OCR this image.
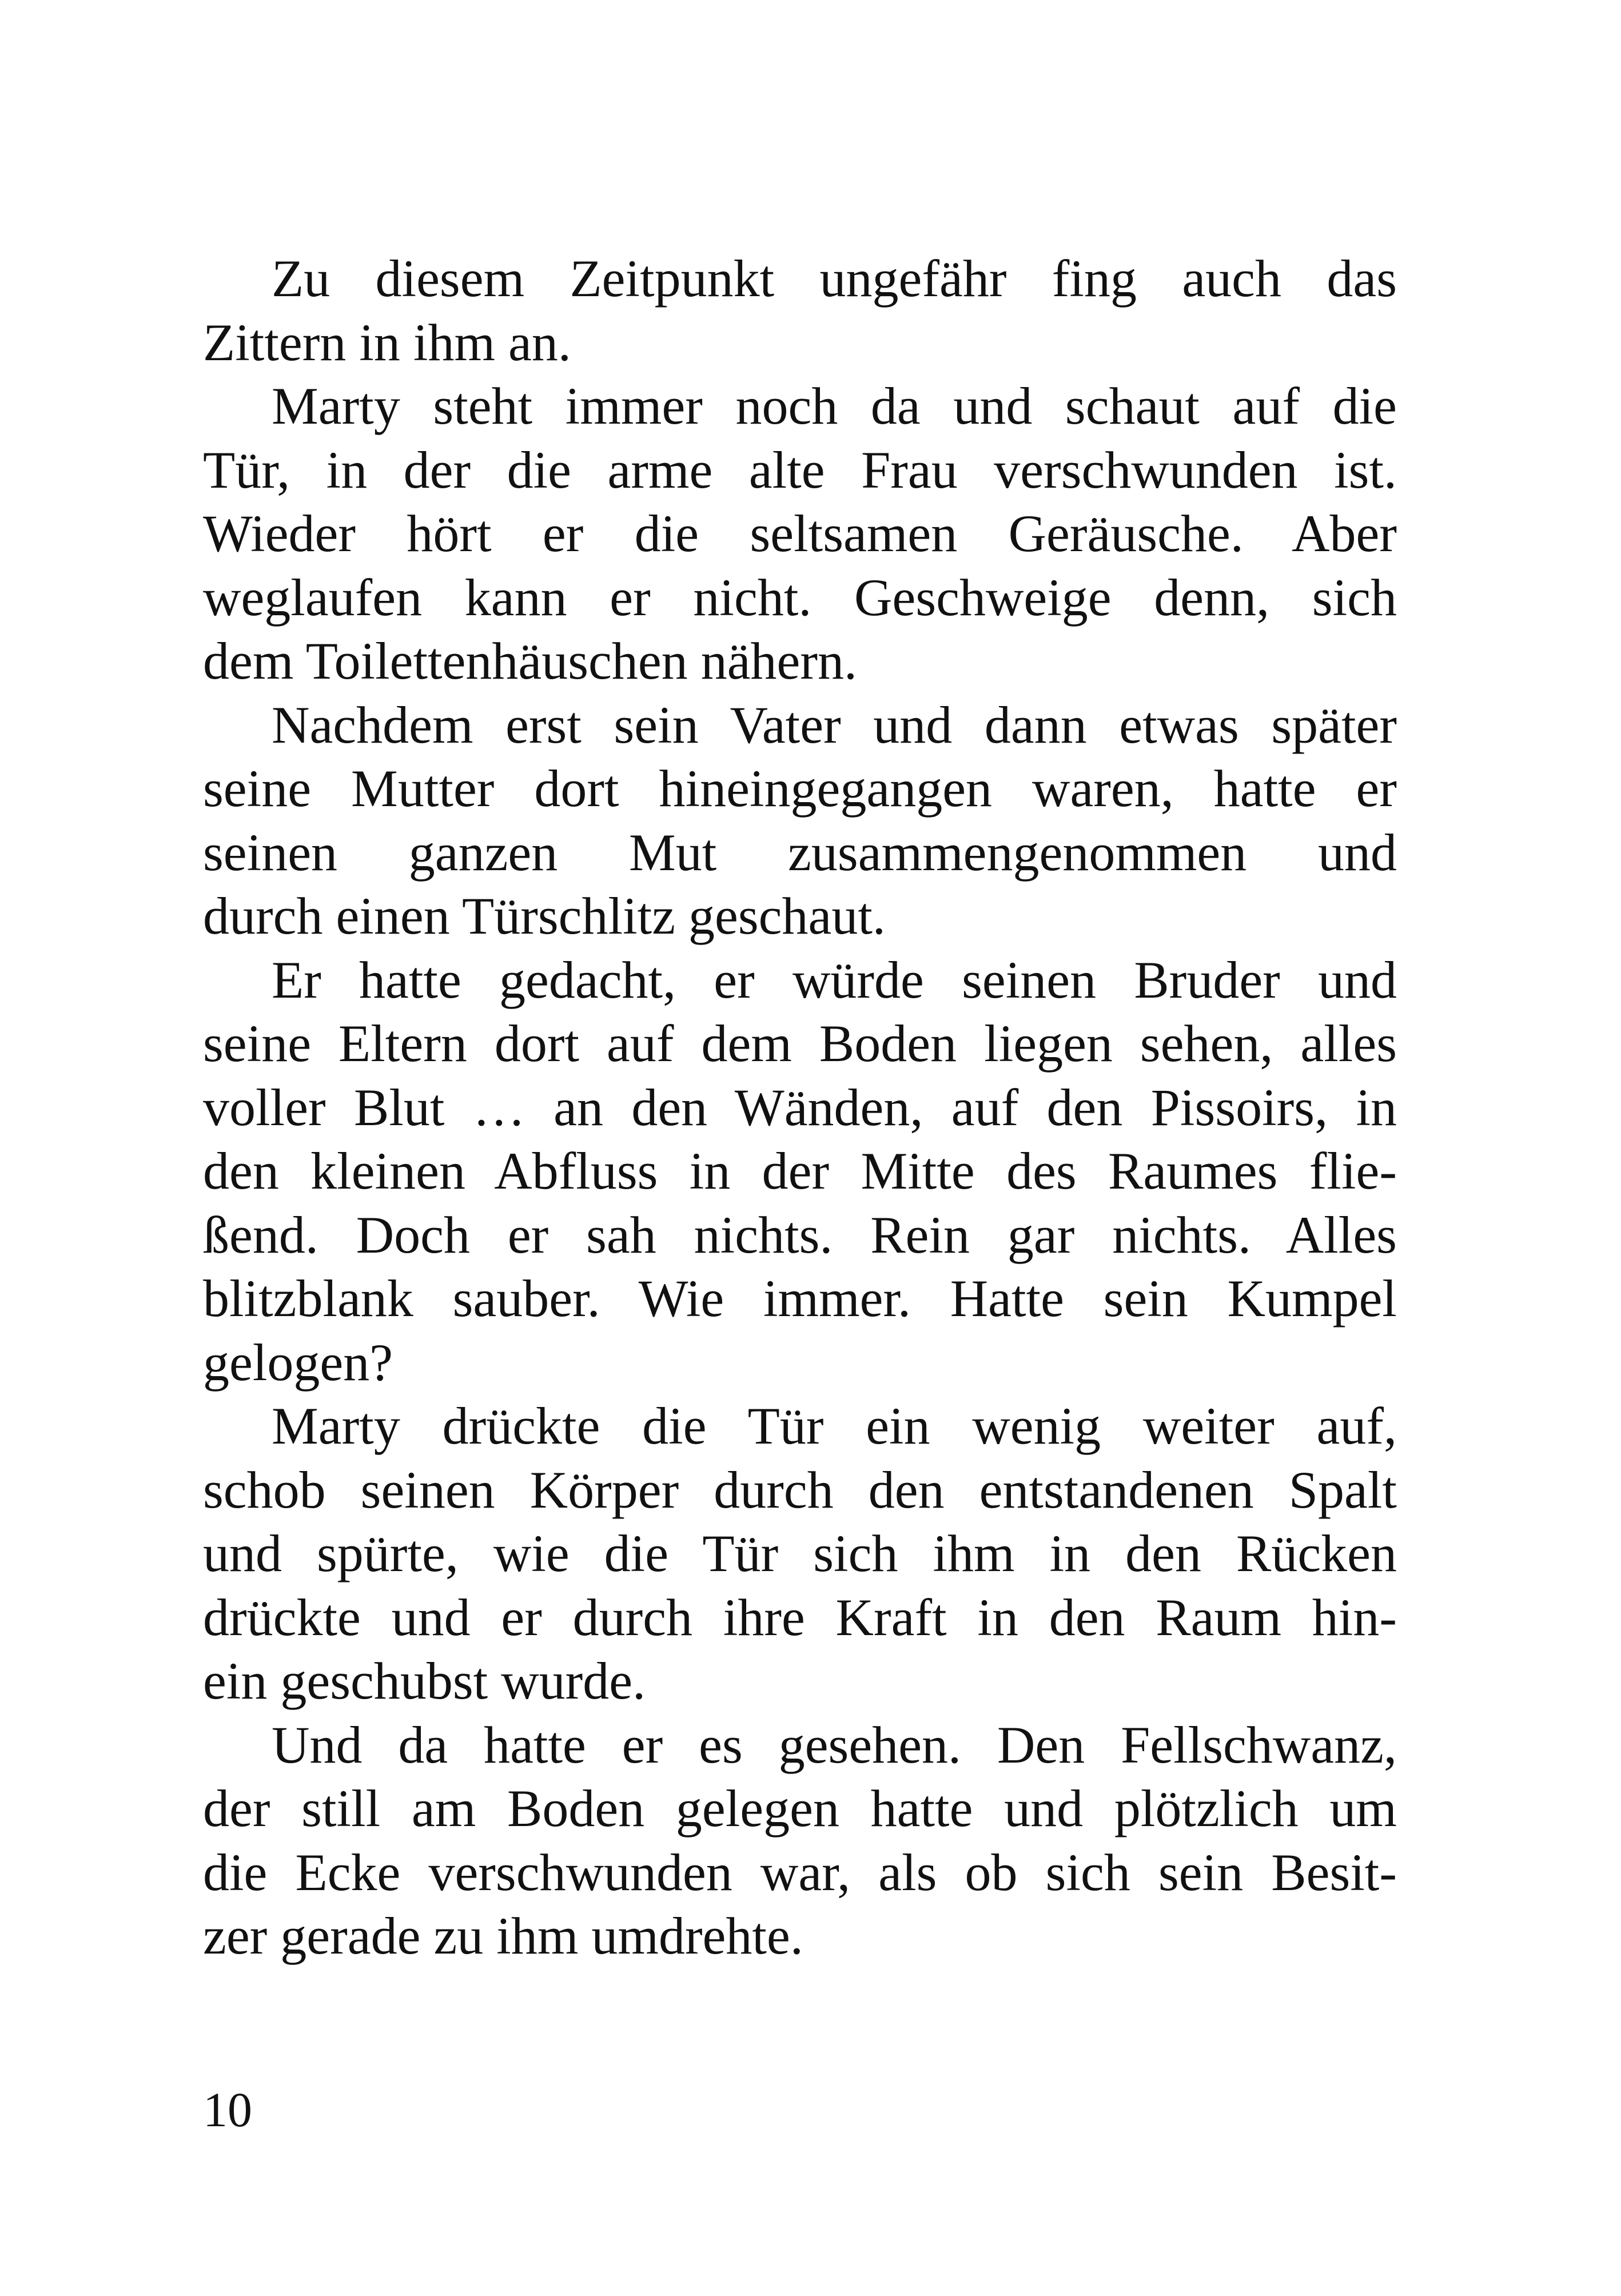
Zu diesem Zeitpunkt ungefähr fing auch das
Zittern in ihm an.

Marty steht immer noch da und schaut auf die
Tür, in der die arme alte Frau verschwunden ist.
Wieder hört er die seltsamen Geräusche. Aber
weglaufen kann er nicht. Geschweige denn, sich
dem Toilettenhäuschen nähern.

Nachdem erst sein Vater und dann etwas später
seine Mutter dort hineingegangen waren, hatte er
seinen ganzen Mut zusammengenommen und
durch einen Türschlitz geschaut.

Er hatte gedacht, er würde seinen Bruder und
seine Eltern dort auf dem Boden liegen sehen, alles
voller Blut … an den Wänden, auf den Pissoirs, in
den kleinen Abfluss in der Mitte des Raumes flie-
ßend. Doch er sah nichts. Rein gar nichts. Alles
blitzblank sauber. Wie immer. Hatte sein Kumpel
gelogen?

Marty drückte die Tür ein wenig weiter auf,
schob seinen Körper durch den entstandenen Spalt
und spürte, wie die Tür sich ihm in den Rücken
drückte und er durch ihre Kraft in den Raum hin-
ein geschubst wurde.

Und da hatte er es gesehen. Den Fellschwanz,
der still am Boden gelegen hatte und plötzlich um
die Ecke verschwunden war, als ob sich sein Besit-
zer gerade zu ihm umdrehte.

10
